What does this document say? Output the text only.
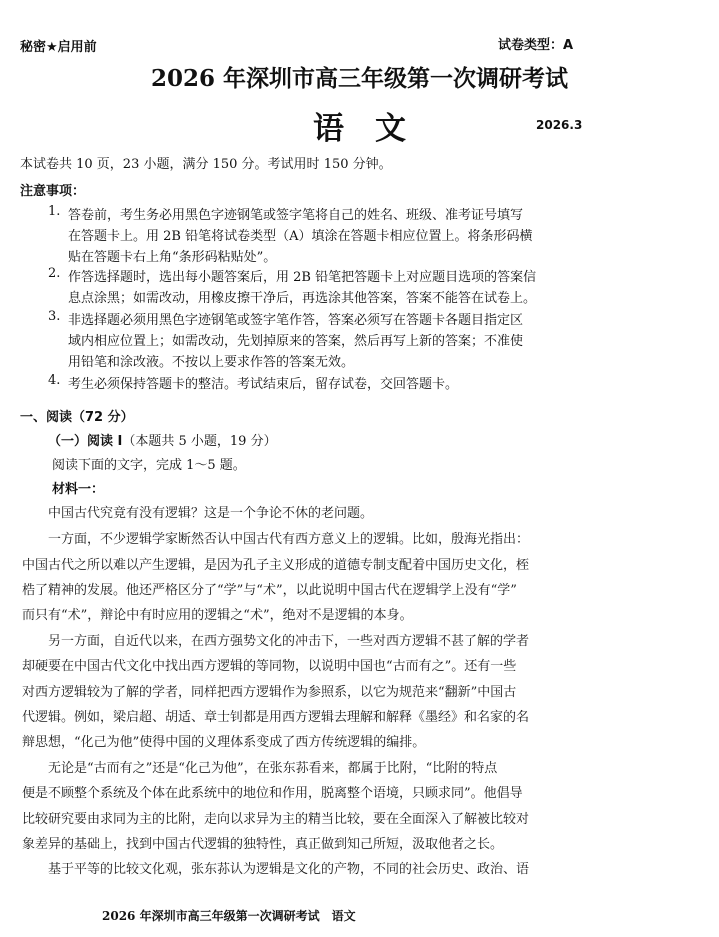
秘密★启用前	试卷类型：A
2026 年深圳市高三年级第一次调研考试
语　文	2026.3
本试卷共 10 页，23 小题，满分 150 分。考试用时 150 分钟。
注意事项：
1. 答卷前，考生务必用黑色字迹钢笔或签字笔将自己的姓名、班级、准考证号填写
在答题卡上。用 2B 铅笔将试卷类型（A）填涂在答题卡相应位置上。将条形码横
贴在答题卡右上角“条形码粘贴处”。
2. 作答选择题时，选出每小题答案后，用 2B 铅笔把答题卡上对应题目选项的答案信
息点涂黑；如需改动，用橡皮擦干净后，再选涂其他答案，答案不能答在试卷上。
3. 非选择题必须用黑色字迹钢笔或签字笔作答，答案必须写在答题卡各题目指定区
域内相应位置上；如需改动，先划掉原来的答案，然后再写上新的答案；不准使
用铅笔和涂改液。不按以上要求作答的答案无效。
4. 考生必须保持答题卡的整洁。考试结束后，留存试卷，交回答题卡。
一、阅读（72 分）
（一）阅读 I（本题共 5 小题，19 分）
阅读下面的文字，完成 1～5 题。
材料一：
　　中国古代究竟有没有逻辑？这是一个争论不休的老问题。
　　一方面，不少逻辑学家断然否认中国古代有西方意义上的逻辑。比如，殷海光指出：
中国古代之所以难以产生逻辑，是因为孔子主义形成的道德专制支配着中国历史文化，桎
梏了精神的发展。他还严格区分了“学”与“术”，以此说明中国古代在逻辑学上没有“学”
而只有“术”，辩论中有时应用的逻辑之“术”，绝对不是逻辑的本身。
　　另一方面，自近代以来，在西方强势文化的冲击下，一些对西方逻辑不甚了解的学者
却硬要在中国古代文化中找出西方逻辑的等同物，以说明中国也“古而有之”。还有一些
对西方逻辑较为了解的学者，同样把西方逻辑作为参照系，以它为规范来“翻新”中国古
代逻辑。例如，梁启超、胡适、章士钊都是用西方逻辑去理解和解释《墨经》和名家的名
辩思想，“化己为他”使得中国的义理体系变成了西方传统逻辑的编排。
　　无论是“古而有之”还是“化己为他”，在张东荪看来，都属于比附，“比附的特点
便是不顾整个系统及个体在此系统中的地位和作用，脱离整个语境，只顾求同”。他倡导
比较研究要由求同为主的比附，走向以求异为主的精当比较，要在全面深入了解被比较对
象差异的基础上，找到中国古代逻辑的独特性，真正做到知己所短，汲取他者之长。
　　基于平等的比较文化观，张东荪认为逻辑是文化的产物，不同的社会历史、政治、语
2026 年深圳市高三年级第一次调研考试　语文
